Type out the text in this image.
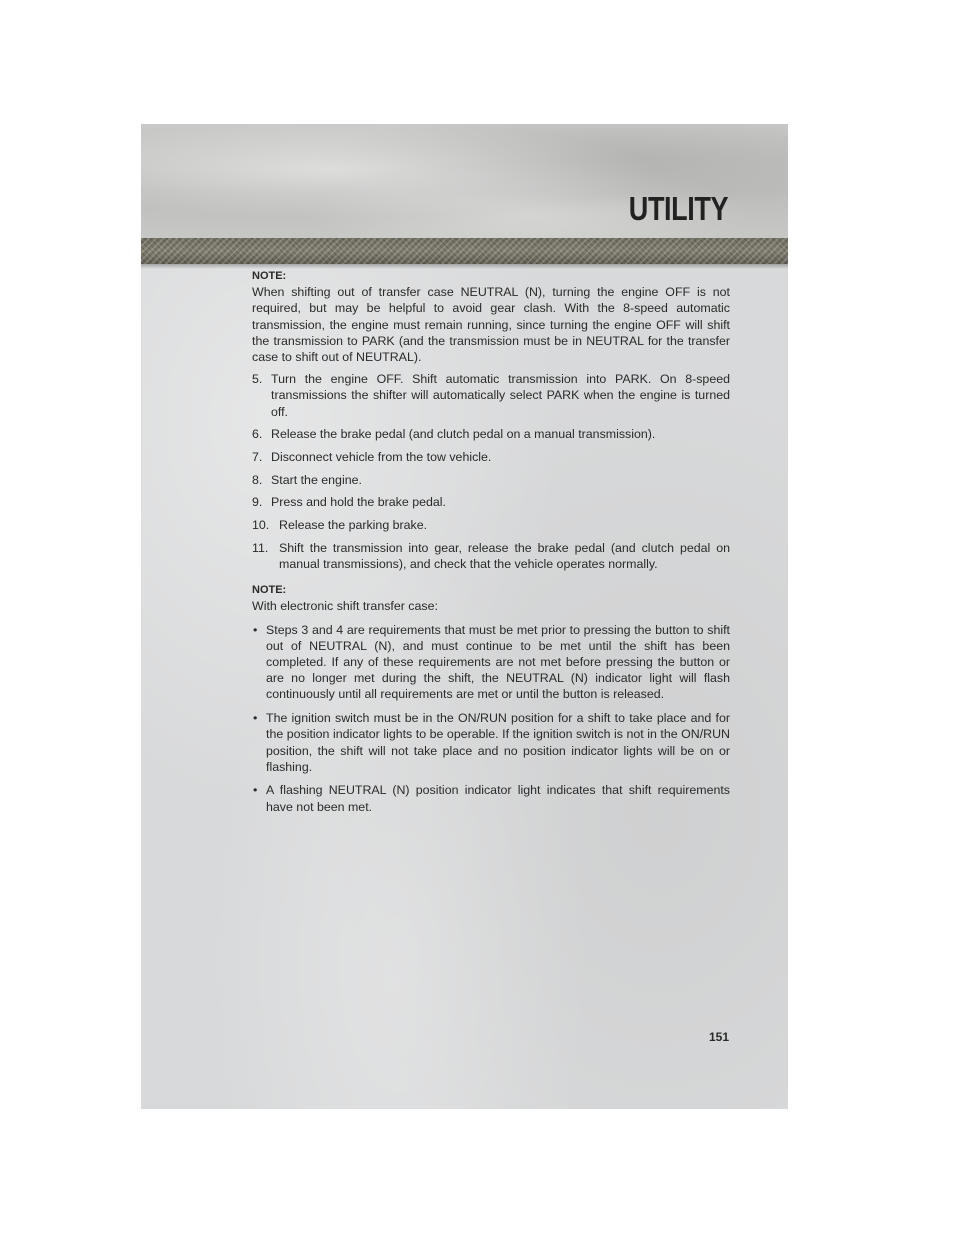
UTILITY

NOTE:

When shifting out of transfer case NEUTRAL (N), turning the engine OFF is not required, but may be helpful to avoid gear clash. With the 8-speed automatic transmission, the engine must remain running, since turning the engine OFF will shift the transmission to PARK (and the transmission must be in NEUTRAL for the transfer case to shift out of NEUTRAL).

5. Turn the engine OFF. Shift automatic transmission into PARK. On 8-speed transmissions the shifter will automatically select PARK when the engine is turned off.
6. Release the brake pedal (and clutch pedal on a manual transmission).
7. Disconnect vehicle from the tow vehicle.
8. Start the engine.
9. Press and hold the brake pedal.
10. Release the parking brake.
11. Shift the transmission into gear, release the brake pedal (and clutch pedal on manual transmissions), and check that the vehicle operates normally.

NOTE:

With electronic shift transfer case:

• Steps 3 and 4 are requirements that must be met prior to pressing the button to shift out of NEUTRAL (N), and must continue to be met until the shift has been completed. If any of these requirements are not met before pressing the button or are no longer met during the shift, the NEUTRAL (N) indicator light will flash continuously until all requirements are met or until the button is released.
• The ignition switch must be in the ON/RUN position for a shift to take place and for the position indicator lights to be operable. If the ignition switch is not in the ON/RUN position, the shift will not take place and no position indicator lights will be on or flashing.
• A flashing NEUTRAL (N) position indicator light indicates that shift requirements have not been met.
151
